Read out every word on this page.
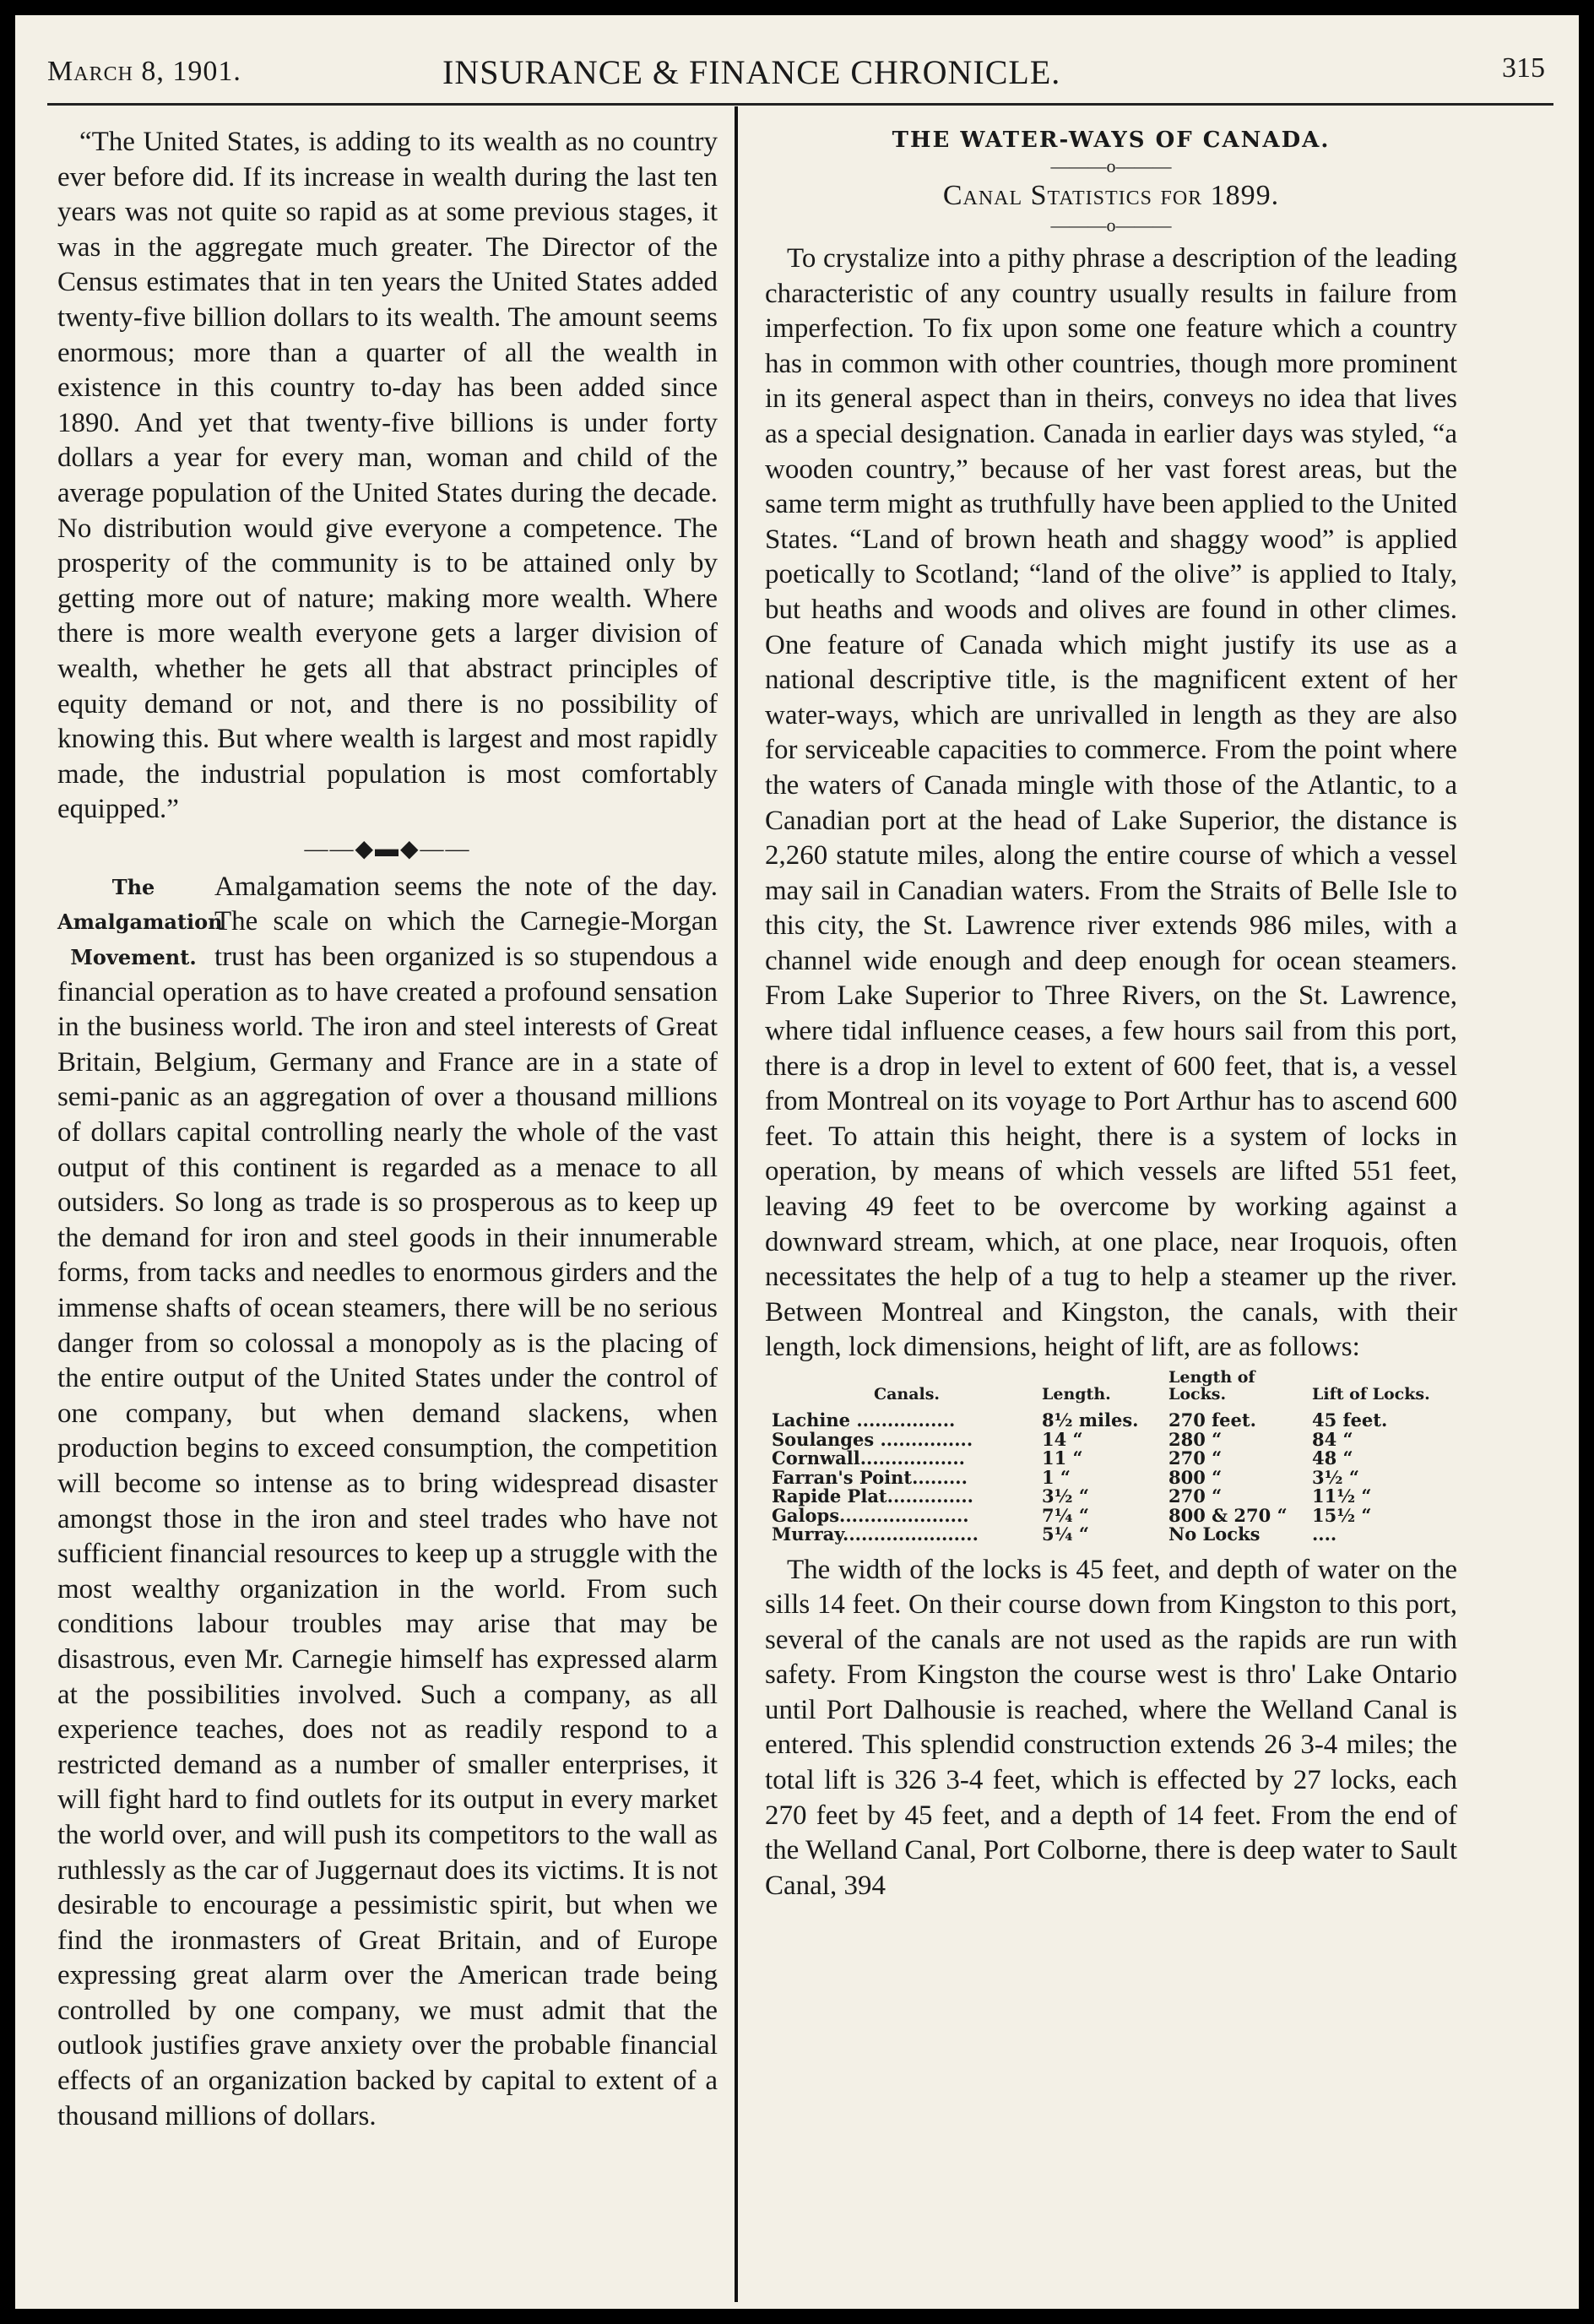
March 8, 1901.	INSURANCE & FINANCE CHRONICLE.	315

“The United States, is adding to its wealth as no country ever before did. If its increase in wealth during the last ten years was not quite so rapid as at some previous stages, it was in the aggregate much greater. The Director of the Census estimates that in ten years the United States added twenty-five billion dollars to its wealth. The amount seems enormous; more than a quarter of all the wealth in existence in this country to-day has been added since 1890. And yet that twenty-five billions is under forty dollars a year for every man, woman and child of the average population of the United States during the decade. No distribution would give everyone a competence. The prosperity of the community is to be attained only by getting more out of nature; making more wealth. Where there is more wealth everyone gets a larger division of wealth, whether he gets all that abstract principles of equity demand or not, and there is no possibility of knowing this. But where wealth is largest and most rapidly made, the industrial population is most comfortably equipped.”

——◆▬◆——
The
Amalgamation
Movement.

Amalgamation seems the note of the day. The scale on which the Carnegie-Morgan trust has been organized is so stupendous a financial operation as to have created a profound sensation in the business world. The iron and steel interests of Great Britain, Belgium, Germany and France are in a state of semi-panic as an aggregation of over a thousand millions of dollars capital controlling nearly the whole of the vast output of this continent is regarded as a menace to all outsiders. So long as trade is so prosperous as to keep up the demand for iron and steel goods in their innumerable forms, from tacks and needles to enormous girders and the immense shafts of ocean steamers, there will be no serious danger from so colossal a monopoly as is the placing of the entire output of the United States under the control of one company, but when demand slackens, when production begins to exceed consumption, the competition will become so intense as to bring widespread disaster amongst those in the iron and steel trades who have not sufficient financial resources to keep up a struggle with the most wealthy organization in the world. From such conditions labour troubles may arise that may be disastrous, even Mr. Carnegie himself has expressed alarm at the possibilities involved. Such a company, as all experience teaches, does not as readily respond to a restricted demand as a number of smaller enterprises, it will fight hard to find outlets for its output in every market the world over, and will push its competitors to the wall as ruthlessly as the car of Juggernaut does its victims. It is not desirable to encourage a pessimistic spirit, but when we find the ironmasters of Great Britain, and of Europe expressing great alarm over the American trade being controlled by one company, we must admit that the outlook justifies grave anxiety over the probable financial effects of an organization backed by capital to extent of a thousand millions of dollars.

THE WATER-WAYS OF CANADA.
———o———
Canal Statistics for 1899.
———o———

To crystalize into a pithy phrase a description of the leading characteristic of any country usually results in failure from imperfection. To fix upon some one feature which a country has in common with other countries, though more prominent in its general aspect than in theirs, conveys no idea that lives as a special designation. Canada in earlier days was styled, “a wooden country,” because of her vast forest areas, but the same term might as truthfully have been applied to the United States. “Land of brown heath and shaggy wood” is applied poetically to Scotland; “land of the olive” is applied to Italy, but heaths and woods and olives are found in other climes. One feature of Canada which might justify its use as a national descriptive title, is the magnificent extent of her water-ways, which are unrivalled in length as they are also for serviceable capacities to commerce. From the point where the waters of Canada mingle with those of the Atlantic, to a Canadian port at the head of Lake Superior, the distance is 2,260 statute miles, along the entire course of which a vessel may sail in Canadian waters. From the Straits of Belle Isle to this city, the St. Lawrence river extends 986 miles, with a channel wide enough and deep enough for ocean steamers. From Lake Superior to Three Rivers, on the St. Lawrence, where tidal influence ceases, a few hours sail from this port, there is a drop in level to extent of 600 feet, that is, a vessel from Montreal on its voyage to Port Arthur has to ascend 600 feet. To attain this height, there is a system of locks in operation, by means of which vessels are lifted 551 feet, leaving 49 feet to be overcome by working against a downward stream, which, at one place, near Iroquois, often necessitates the help of a tug to help a steamer up the river. Between Montreal and Kingston, the canals, with their length, lock dimensions, height of lift, are as follows:

Canals.	Length.	Length of Locks.	Lift of Locks.
Lachine ................	8½ miles.	270 feet.	45 feet.
Soulanges ...............	14 “	280 “	84 “
Cornwall.................	11 “	270 “	48 “
Farran's Point.........	1 “	800 “	3½ “
Rapide Plat..............	3½ “	270 “	11½ “
Galops.....................	7¼ “	800 & 270 “	15½ “
Murray......................	5¼ “	No Locks	....

The width of the locks is 45 feet, and depth of water on the sills 14 feet. On their course down from Kingston to this port, several of the canals are not used as the rapids are run with safety. From Kingston the course west is thro' Lake Ontario until Port Dalhousie is reached, where the Welland Canal is entered. This splendid construction extends 26 3-4 miles; the total lift is 326 3-4 feet, which is effected by 27 locks, each 270 feet by 45 feet, and a depth of 14 feet. From the end of the Welland Canal, Port Colborne, there is deep water to Sault Canal, 394
